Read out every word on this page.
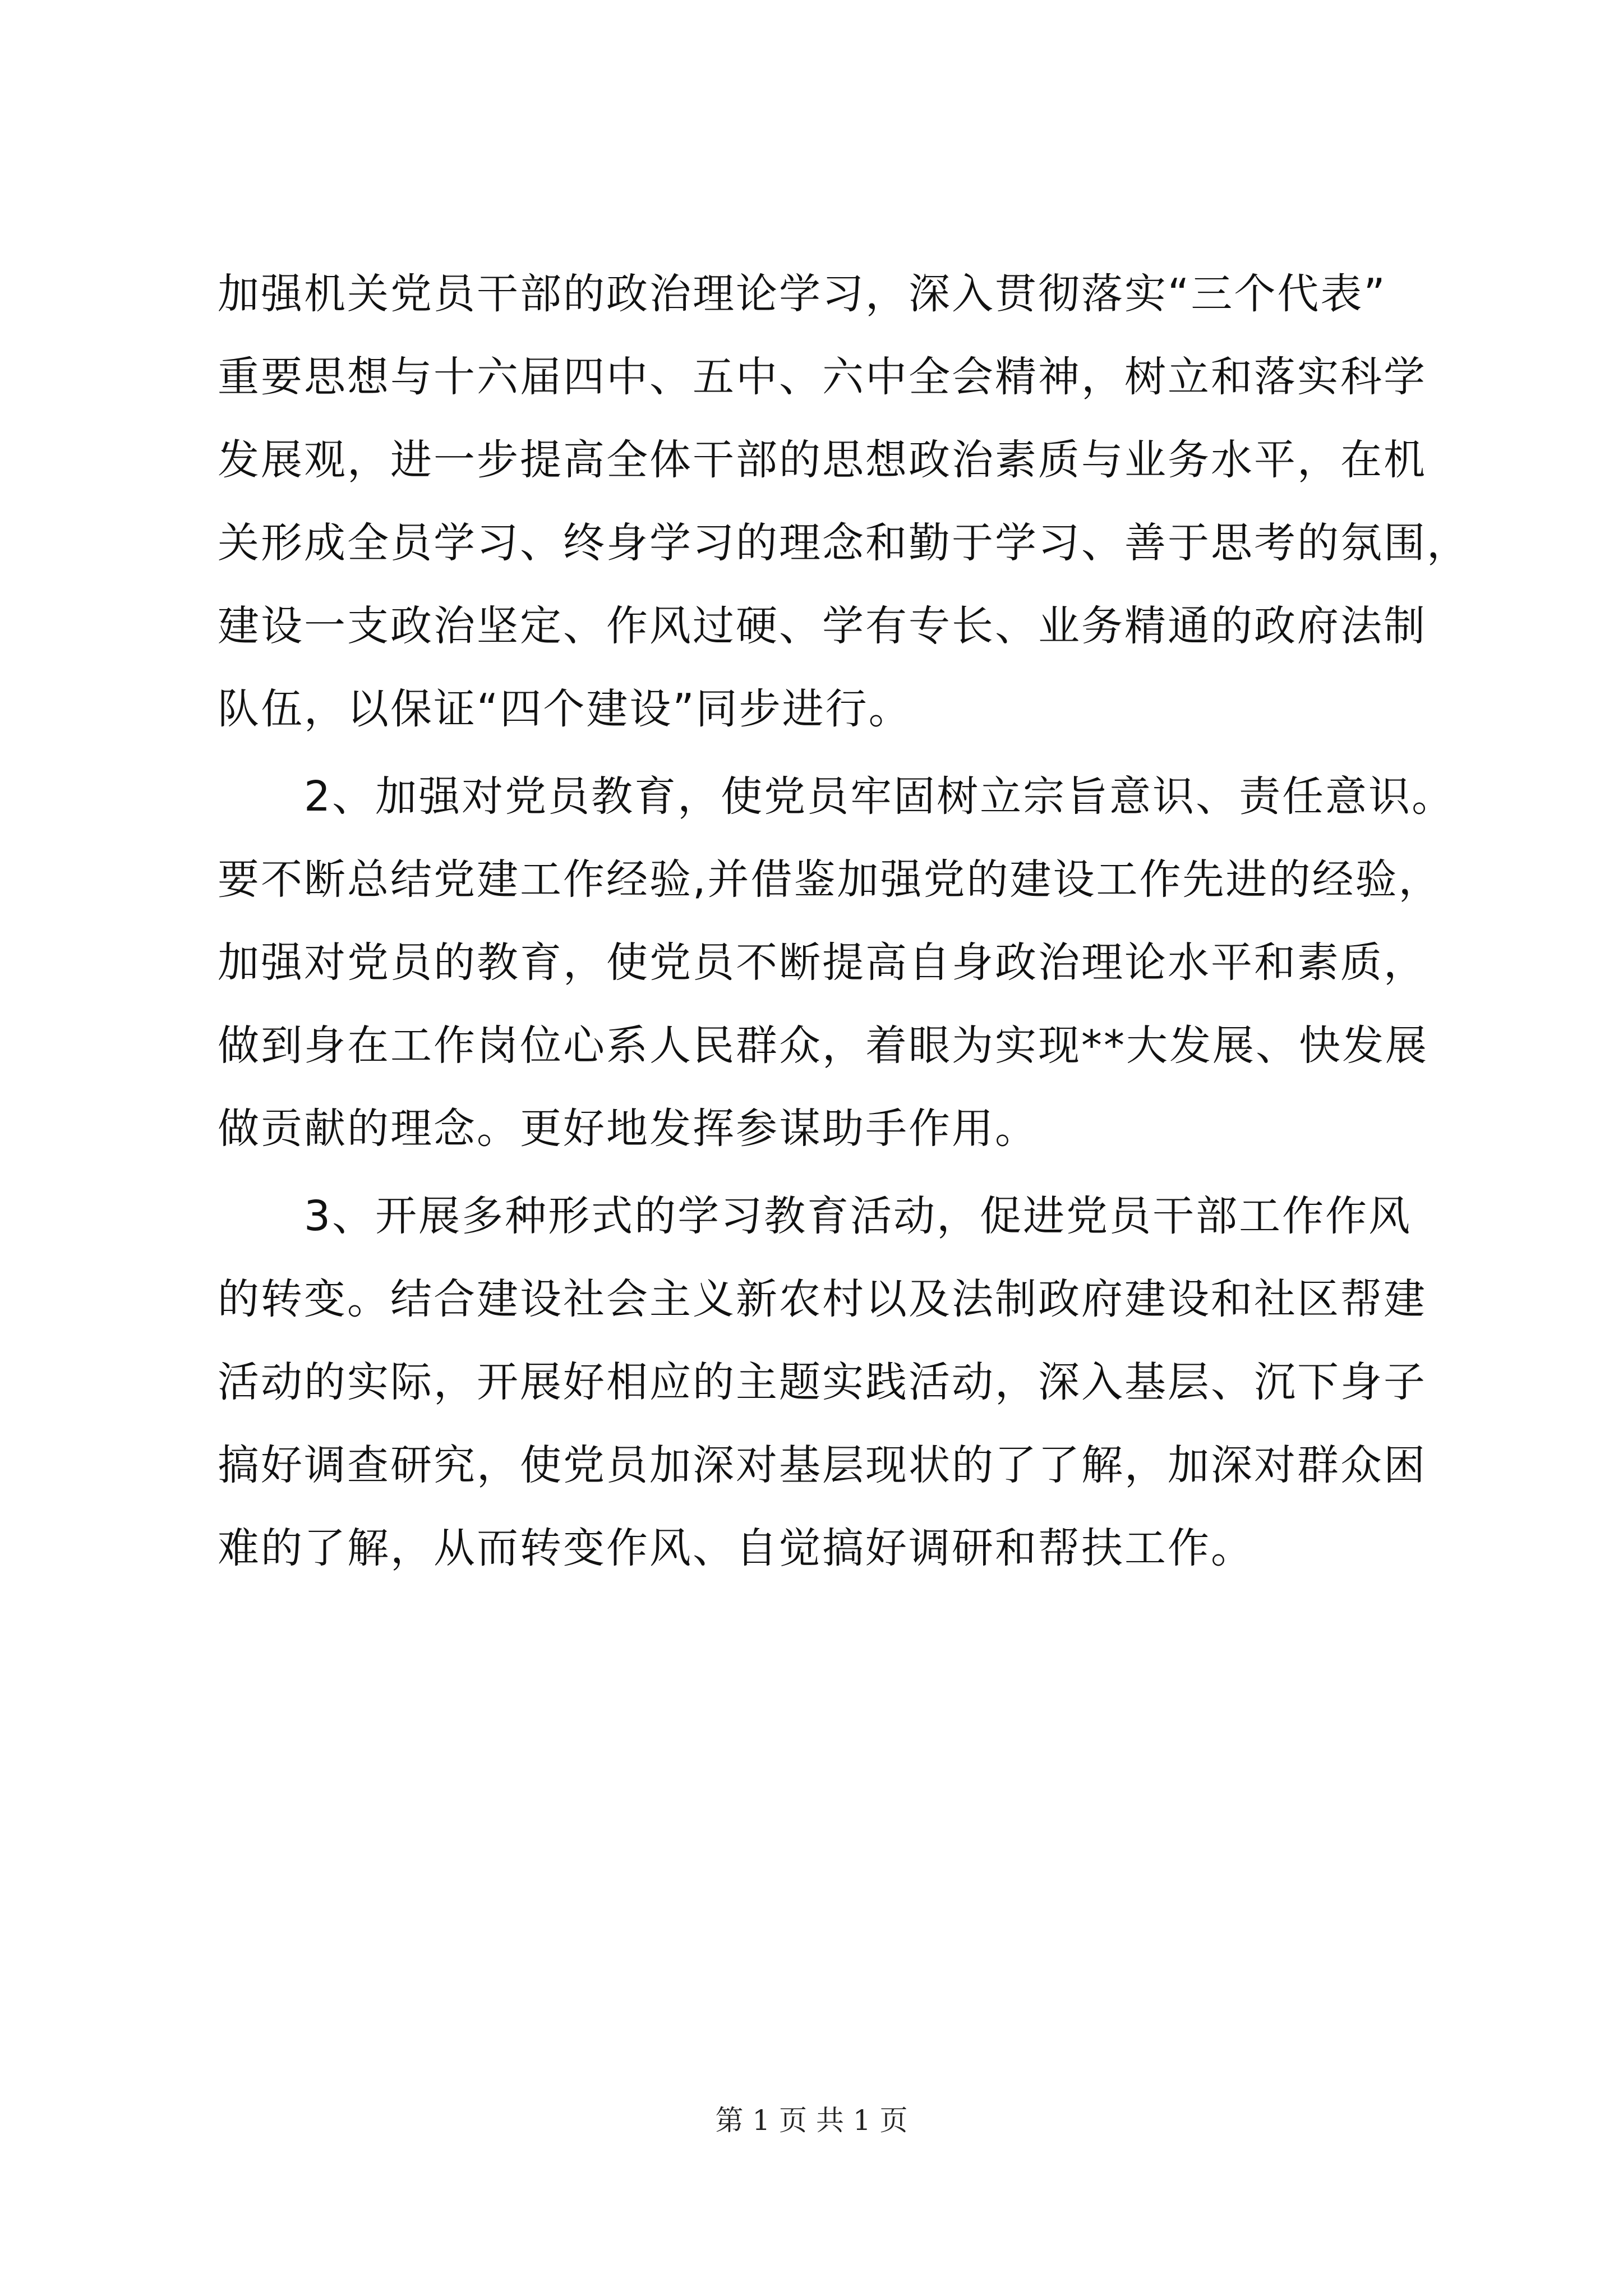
加强机关党员干部的政治理论学习，深入贯彻落实“三个代表”
重要思想与十六届四中、五中、六中全会精神，树立和落实科学
发展观，进一步提高全体干部的思想政治素质与业务水平，在机
关形成全员学习、终身学习的理念和勤于学习、善于思考的氛围，
建设一支政治坚定、作风过硬、学有专长、业务精通的政府法制
队伍，以保证“四个建设”同步进行。
　　2、加强对党员教育，使党员牢固树立宗旨意识、责任意识。
要不断总结党建工作经验,并借鉴加强党的建设工作先进的经验，
加强对党员的教育，使党员不断提高自身政治理论水平和素质，
做到身在工作岗位心系人民群众，着眼为实现**大发展、快发展
做贡献的理念。更好地发挥参谋助手作用。
　　3、开展多种形式的学习教育活动，促进党员干部工作作风
的转变。结合建设社会主义新农村以及法制政府建设和社区帮建
活动的实际，开展好相应的主题实践活动，深入基层、沉下身子
搞好调查研究，使党员加深对基层现状的了了解，加深对群众困
难的了解，从而转变作风、自觉搞好调研和帮扶工作。
第 1 页 共 1 页
